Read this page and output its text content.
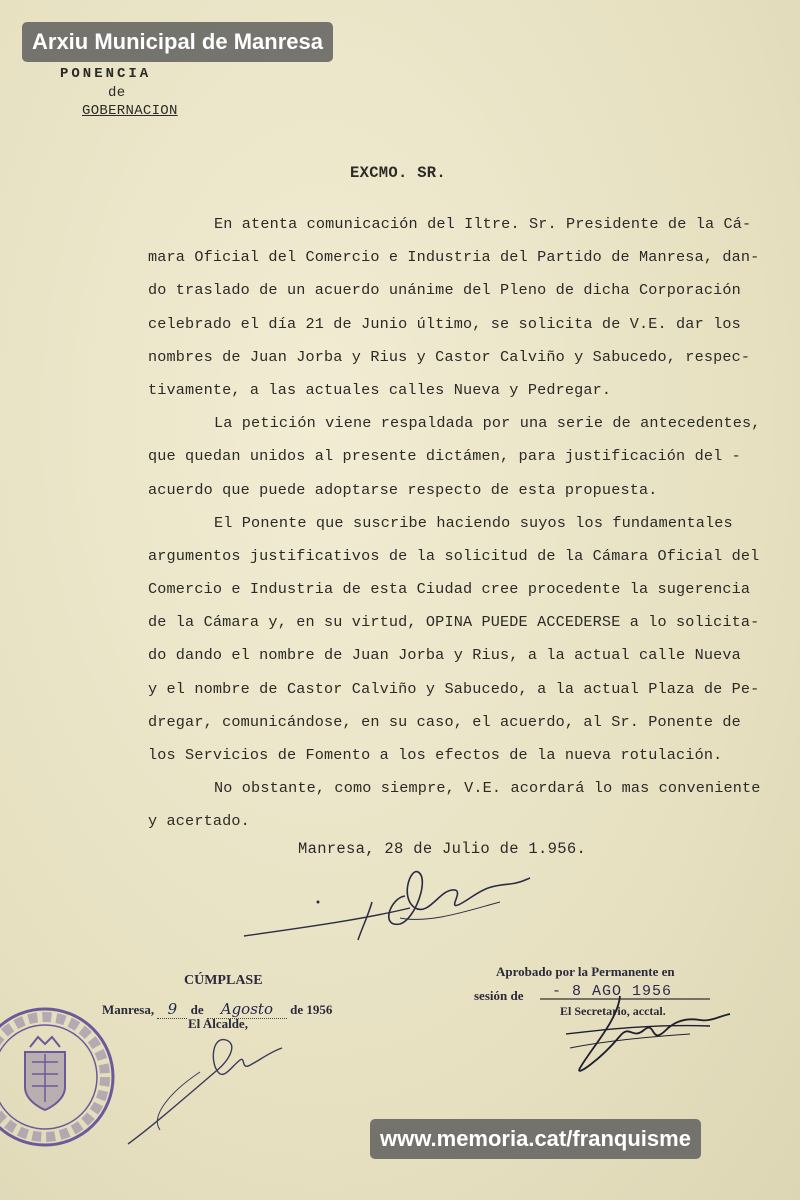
Arxiu Municipal de Manresa
PONENCIA
de
GOBERNACION
EXCMO. SR.
En atenta comunicación del Iltre. Sr. Presidente de la Cá-
mara Oficial del Comercio e Industria del Partido de Manresa, dan-
do traslado de un acuerdo unánime del Pleno de dicha Corporación
celebrado el día 21 de Junio último, se solicita de V.E. dar los
nombres de Juan Jorba y Rius y Castor Calviño y Sabucedo, respec-
tivamente, a las actuales calles Nueva y Pedregar.
La petición viene respaldada por una serie de antecedentes,
que quedan unidos al presente dictámen, para justificación del -
acuerdo que puede adoptarse respecto de esta propuesta.
El Ponente que suscribe haciendo suyos los fundamentales
argumentos justificativos de la solicitud de la Cámara Oficial del
Comercio e Industria de esta Ciudad cree procedente la sugerencia
de la Cámara y, en su virtud, OPINA PUEDE ACCEDERSE a lo solicita-
do dando el nombre de Juan Jorba y Rius, a la actual calle Nueva
y el nombre de Castor Calviño y Sabucedo, a la actual Plaza de Pe-
dregar, comunicándose, en su caso, el acuerdo, al Sr. Ponente de
los Servicios de Fomento a los efectos de la nueva rotulación.
No obstante, como siempre, V.E. acordará lo mas conveniente
y acertado.
Manresa, 28 de Julio de 1.956.
CÚMPLASE
Manresa, 9 de Agosto de 1956
El Alcalde,
Aprobado por la Permanente en
sesión de - 8 AGO 1956
El Secretario, acctal.
www.memoria.cat/franquisme
